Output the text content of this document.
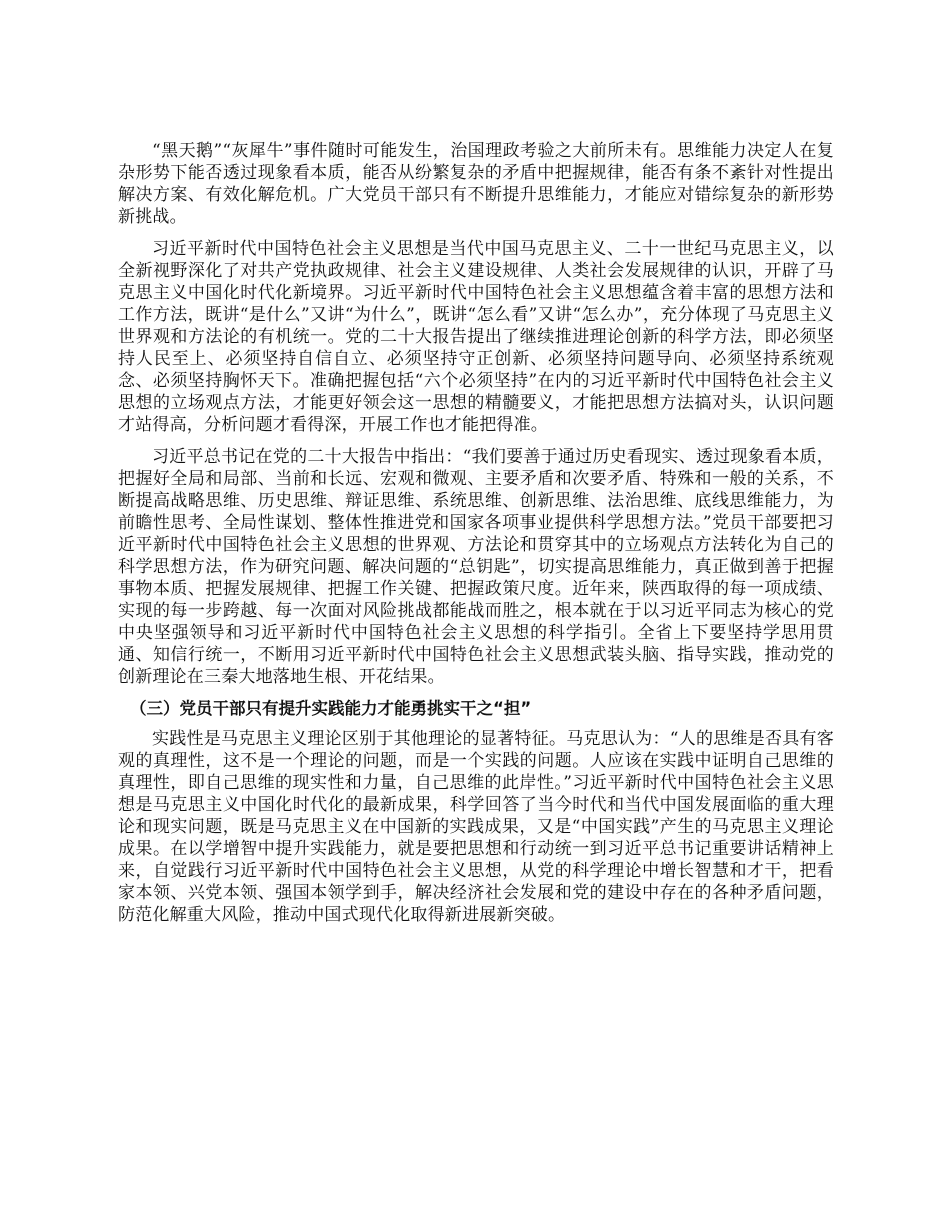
“黑天鹅”“灰犀牛”事件随时可能发生，治国理政考验之大前所未有。思维能力决定人在复杂形势下能否透过现象看本质，能否从纷繁复杂的矛盾中把握规律，能否有条不紊针对性提出解决方案、有效化解危机。广大党员干部只有不断提升思维能力，才能应对错综复杂的新形势新挑战。

习近平新时代中国特色社会主义思想是当代中国马克思主义、二十一世纪马克思主义，以全新视野深化了对共产党执政规律、社会主义建设规律、人类社会发展规律的认识，开辟了马克思主义中国化时代化新境界。习近平新时代中国特色社会主义思想蕴含着丰富的思想方法和工作方法，既讲“是什么”又讲“为什么”，既讲“怎么看”又讲“怎么办”，充分体现了马克思主义世界观和方法论的有机统一。党的二十大报告提出了继续推进理论创新的科学方法，即必须坚持人民至上、必须坚持自信自立、必须坚持守正创新、必须坚持问题导向、必须坚持系统观念、必须坚持胸怀天下。准确把握包括“六个必须坚持”在内的习近平新时代中国特色社会主义思想的立场观点方法，才能更好领会这一思想的精髓要义，才能把思想方法搞对头，认识问题才站得高，分析问题才看得深，开展工作也才能把得准。

习近平总书记在党的二十大报告中指出：“我们要善于通过历史看现实、透过现象看本质，把握好全局和局部、当前和长远、宏观和微观、主要矛盾和次要矛盾、特殊和一般的关系，不断提高战略思维、历史思维、辩证思维、系统思维、创新思维、法治思维、底线思维能力，为前瞻性思考、全局性谋划、整体性推进党和国家各项事业提供科学思想方法。”党员干部要把习近平新时代中国特色社会主义思想的世界观、方法论和贯穿其中的立场观点方法转化为自己的科学思想方法，作为研究问题、解决问题的“总钥匙”，切实提高思维能力，真正做到善于把握事物本质、把握发展规律、把握工作关键、把握政策尺度。近年来，陕西取得的每一项成绩、实现的每一步跨越、每一次面对风险挑战都能战而胜之，根本就在于以习近平同志为核心的党中央坚强领导和习近平新时代中国特色社会主义思想的科学指引。全省上下要坚持学思用贯通、知信行统一，不断用习近平新时代中国特色社会主义思想武装头脑、指导实践，推动党的创新理论在三秦大地落地生根、开花结果。

（三）党员干部只有提升实践能力才能勇挑实干之“担”

实践性是马克思主义理论区别于其他理论的显著特征。马克思认为：“人的思维是否具有客观的真理性，这不是一个理论的问题，而是一个实践的问题。人应该在实践中证明自己思维的真理性，即自己思维的现实性和力量，自己思维的此岸性。”习近平新时代中国特色社会主义思想是马克思主义中国化时代化的最新成果，科学回答了当今时代和当代中国发展面临的重大理论和现实问题，既是马克思主义在中国新的实践成果，又是“中国实践”产生的马克思主义理论成果。在以学增智中提升实践能力，就是要把思想和行动统一到习近平总书记重要讲话精神上来，自觉践行习近平新时代中国特色社会主义思想，从党的科学理论中增长智慧和才干，把看家本领、兴党本领、强国本领学到手，解决经济社会发展和党的建设中存在的各种矛盾问题，防范化解重大风险，推动中国式现代化取得新进展新突破。
